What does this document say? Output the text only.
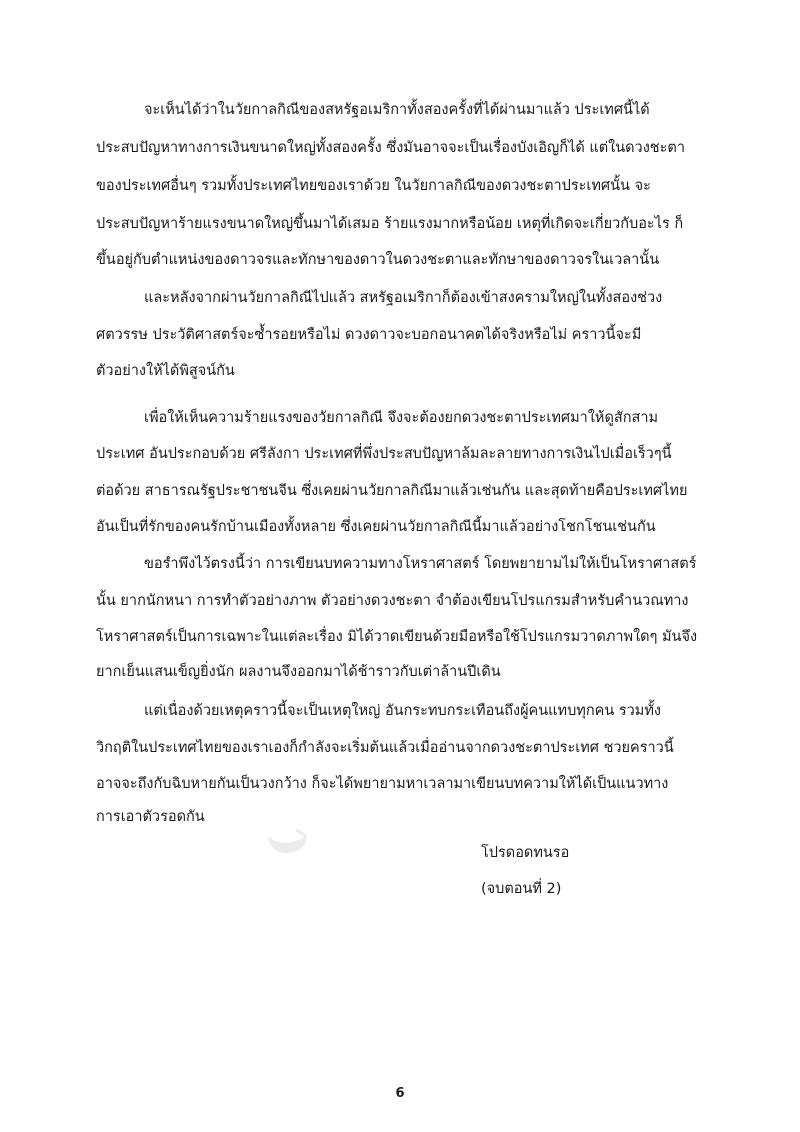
จะเห็นได้ว่าในวัยกาลกิณีของสหรัฐอเมริกาทั้งสองครั้งที่ได้ผ่านมาแล้ว ประเทศนี้ได้
ประสบปัญหาทางการเงินขนาดใหญ่ทั้งสองครั้ง ซึ่งมันอาจจะเป็นเรื่องบังเอิญก็ได้ แต่ในดวงชะตา
ของประเทศอื่นๆ รวมทั้งประเทศไทยของเราด้วย ในวัยกาลกิณีของดวงชะตาประเทศนั้น จะ
ประสบปัญหาร้ายแรงขนาดใหญ่ขึ้นมาได้เสมอ ร้ายแรงมากหรือน้อย เหตุที่เกิดจะเกี่ยวกับอะไร ก็
ขึ้นอยู่กับตำแหน่งของดาวจรและทักษาของดาวในดวงชะตาและทักษาของดาวจรในเวลานั้น
และหลังจากผ่านวัยกาลกิณีไปแล้ว สหรัฐอเมริกาก็ต้องเข้าสงครามใหญ่ในทั้งสองช่วง
ศตวรรษ ประวัติศาสตร์จะซ้ำรอยหรือไม่ ดวงดาวจะบอกอนาคตได้จริงหรือไม่ คราวนี้จะมี
ตัวอย่างให้ได้พิสูจน์กัน
เพื่อให้เห็นความร้ายแรงของวัยกาลกิณี จึงจะต้องยกดวงชะตาประเทศมาให้ดูสักสาม
ประเทศ อันประกอบด้วย ศรีลังกา ประเทศที่พึ่งประสบปัญหาล้มละลายทางการเงินไปเมื่อเร็วๆนี้
ต่อด้วย สาธารณรัฐประชาชนจีน ซึ่งเคยผ่านวัยกาลกิณีมาแล้วเช่นกัน และสุดท้ายคือประเทศไทย
อันเป็นที่รักของคนรักบ้านเมืองทั้งหลาย ซึ่งเคยผ่านวัยกาลกิณีนี้มาแล้วอย่างโชกโชนเช่นกัน
ขอรำพึงไว้ตรงนี้ว่า การเขียนบทความทางโหราศาสตร์ โดยพยายามไม่ให้เป็นโหราศาสตร์
นั้น ยากนักหนา การทำตัวอย่างภาพ ตัวอย่างดวงชะตา จำต้องเขียนโปรแกรมสำหรับคำนวณทาง
โหราศาสตร์เป็นการเฉพาะในแต่ละเรื่อง มิได้วาดเขียนด้วยมือหรือใช้โปรแกรมวาดภาพใดๆ มันจึง
ยากเย็นแสนเข็ญยิ่งนัก ผลงานจึงออกมาได้ช้าราวกับเต่าล้านปีเดิน
แต่เนื่องด้วยเหตุคราวนี้จะเป็นเหตุใหญ่ อันกระทบกระเทือนถึงผู้คนแทบทุกคน รวมทั้ง
วิกฤติในประเทศไทยของเราเองก็กำลังจะเริ่มต้นแล้วเมื่ออ่านจากดวงชะตาประเทศ ชวยคราวนี้
อาจจะถึงกับฉิบหายกันเป็นวงกว้าง ก็จะได้พยายามหาเวลามาเขียนบทความให้ได้เป็นแนวทาง
การเอาตัวรอดกัน
โปรดอดทนรอ
(จบตอนที่ 2)
6
